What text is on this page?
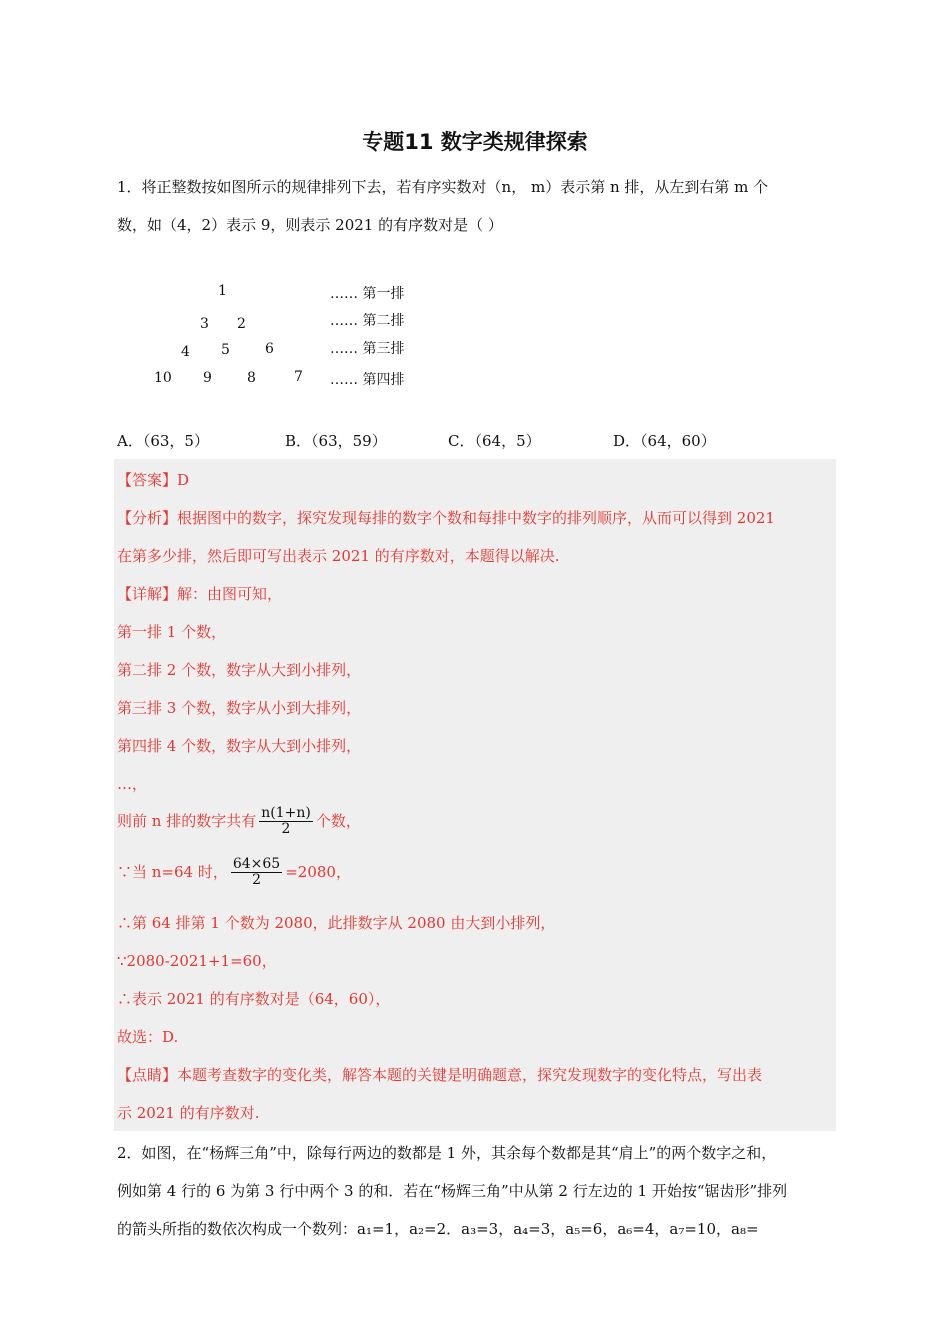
专题11 数字类规律探索
1．将正整数按如图所示的规律排列下去，若有序实数对（n， m）表示第 n 排，从左到右第 m 个
数，如（4，2）表示 9，则表示 2021 的有序数对是（ ）
1
3 2
4 5	6
10 9	8	7
…… 第一排
…… 第二排
…… 第三排
…… 第四排
A．（63，5）	B．（63，59）	C．（64，5）	D．（64，60）
【答案】D
【分析】根据图中的数字，探究发现每排的数字个数和每排中数字的排列顺序，从而可以得到 2021
在第多少排，然后即可写出表示 2021 的有序数对，本题得以解决.
【详解】解：由图可知，
第一排 1 个数，
第二排 2 个数，数字从大到小排列，
第三排 3 个数，数字从小到大排列，
第四排 4 个数，数字从大到小排列，
…，
则前 n 排的数字共有 $\frac{n(1+n)}{2}$ 个数，
∵当 n=64 时， $\frac{64\times 65}{2} =2080$，
∴第 64 排第 1 个数为 2080，此排数字从 2080 由大到小排列，
∵2080-2021+1=60，
∴表示 2021 的有序数对是（64，60），
故选：D.
【点睛】本题考查数字的变化类，解答本题的关键是明确题意，探究发现数字的变化特点，写出表
示 2021 的有序数对.
2．如图，在“杨辉三角”中，除每行两边的数都是 1 外，其余每个数都是其“肩上”的两个数字之和，
例如第 4 行的 6 为第 3 行中两个 3 的和．若在“杨辉三角”中从第 2 行左边的 1 开始按“锯齿形”排列
的箭头所指的数依次构成一个数列：a₁=1，a₂=2．a₃=3，a₄=3，a₅=6，a₆=4，a₇=10，a₈=
